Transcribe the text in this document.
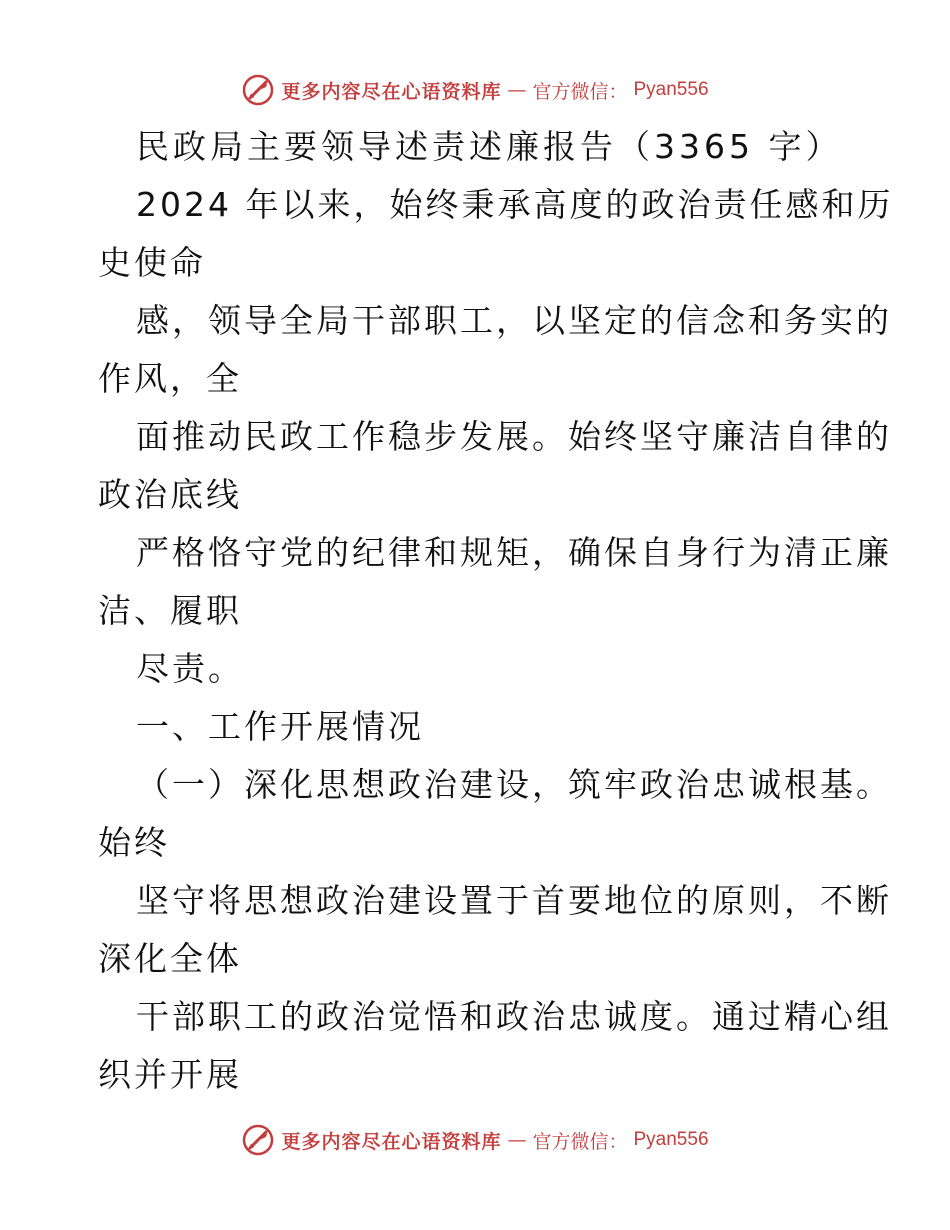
更多内容尽在心语资料库 — 官方微信： Pyan556
民政局主要领导述责述廉报告（3365 字）
2024 年以来，始终秉承高度的政治责任感和历
史使命
感，领导全局干部职工，以坚定的信念和务实的
作风，全
面推动民政工作稳步发展。始终坚守廉洁自律的
政治底线
严格恪守党的纪律和规矩，确保自身行为清正廉
洁、履职
尽责。
一、工作开展情况
（一）深化思想政治建设，筑牢政治忠诚根基。
始终
坚守将思想政治建设置于首要地位的原则，不断
深化全体
干部职工的政治觉悟和政治忠诚度。通过精心组
织并开展
更多内容尽在心语资料库 — 官方微信： Pyan556
